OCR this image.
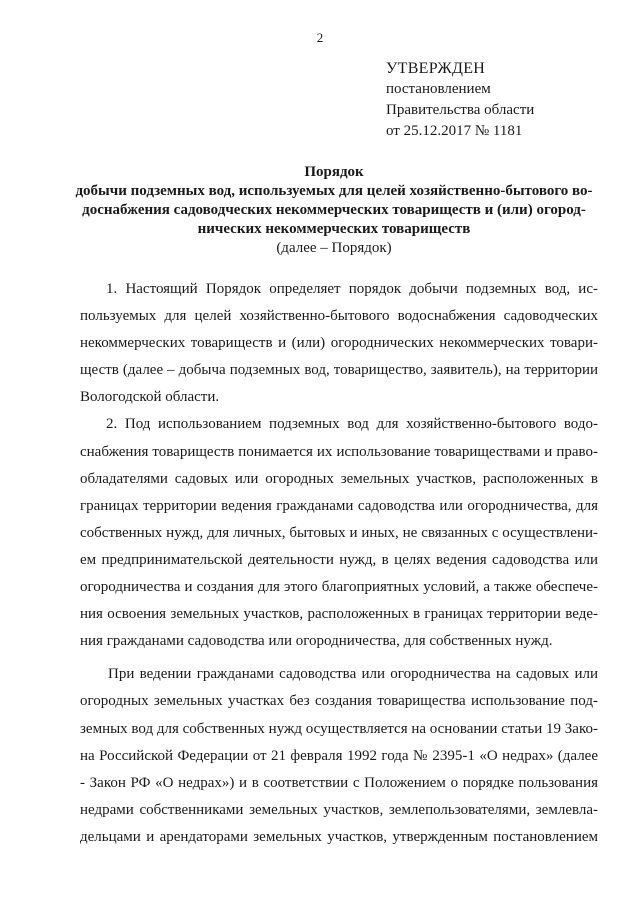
2
УТВЕРЖДЕН
постановлением
Правительства области
от 25.12.2017 № 1181
Порядок
добычи подземных вод, используемых для целей хозяйственно-бытового во-
доснабжения садоводческих некоммерческих товариществ и (или) огород-
нических некоммерческих товариществ
(далее – Порядок)
1. Настоящий Порядок определяет порядок добычи подземных вод, ис-
пользуемых для целей хозяйственно-бытового водоснабжения садоводческих
некоммерческих товариществ и (или) огороднических некоммерческих товари-
ществ (далее – добыча подземных вод, товарищество, заявитель), на территории
Вологодской области.
2. Под использованием подземных вод для хозяйственно-бытового водо-
снабжения товариществ понимается их использование товариществами и право-
обладателями садовых или огородных земельных участков, расположенных в
границах территории ведения гражданами садоводства или огородничества, для
собственных нужд, для личных, бытовых и иных, не связанных с осуществлени-
ем предпринимательской деятельности нужд, в целях ведения садоводства или
огородничества и создания для этого благоприятных условий, а также обеспече-
ния освоения земельных участков, расположенных в границах территории веде-
ния гражданами садоводства или огородничества, для собственных нужд.
При ведении гражданами садоводства или огородничества на садовых или
огородных земельных участках без создания товарищества использование под-
земных вод для собственных нужд осуществляется на основании статьи 19 Зако-
на Российской Федерации от 21 февраля 1992 года № 2395-1 «О недрах» (далее
- Закон РФ «О недрах») и в соответствии с Положением о порядке пользования
недрами собственниками земельных участков, землепользователями, землевла-
дельцами и арендаторами земельных участков, утвержденным постановлением
